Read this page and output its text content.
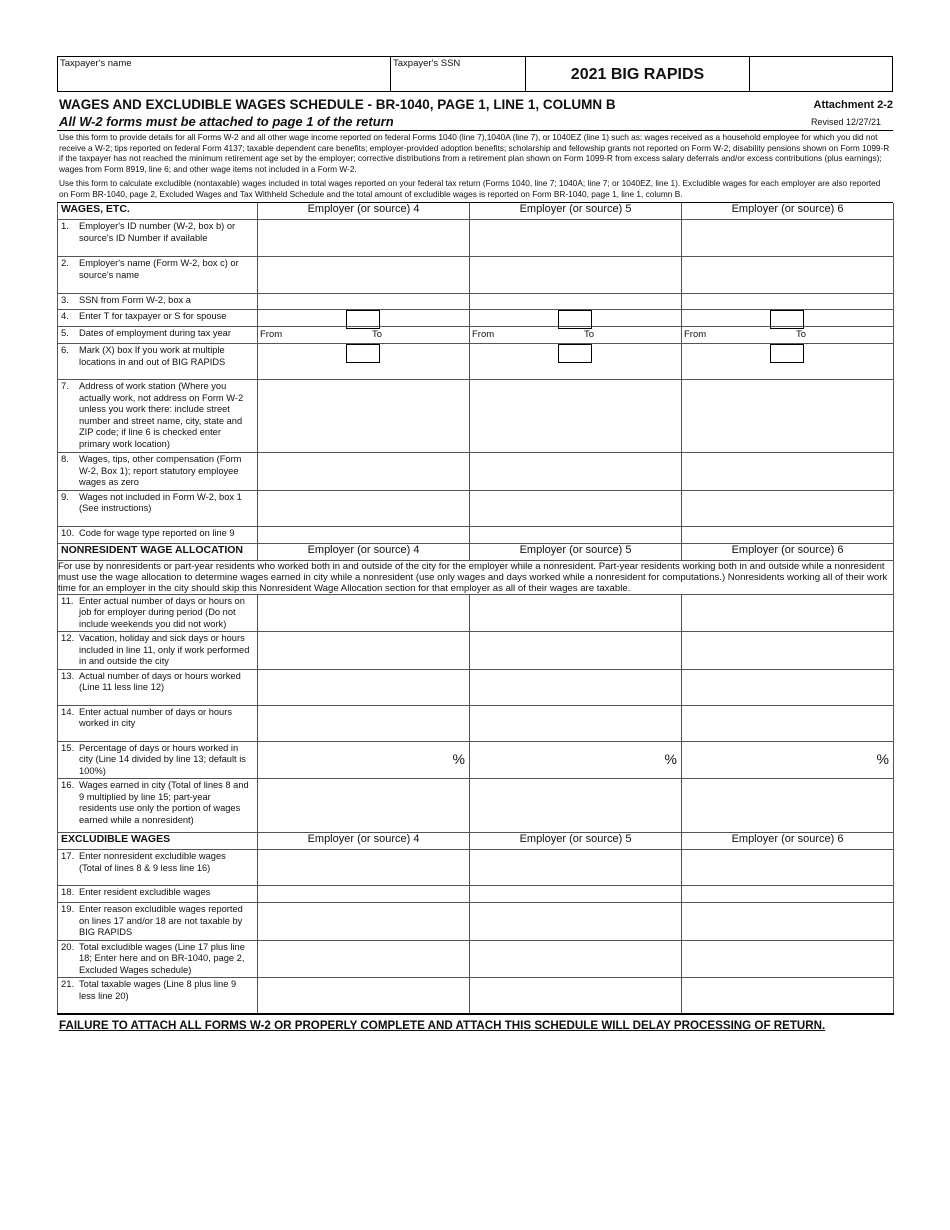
Taxpayer's name	Taxpayer's SSN
2021 BIG RAPIDS
WAGES AND EXCLUDIBLE WAGES SCHEDULE - BR-1040, PAGE 1, LINE 1, COLUMN B	Attachment 2-2
All W-2 forms must be attached to page 1 of the return	Revised 12/27/21

Use this form to provide details for all Forms W-2 and all other wage income reported on federal Forms 1040 (line 7),1040A (line 7), or 1040EZ (line 1) such as: wages received as a household employee for which you did not receive a W-2; tips reported on federal Form 4137; taxable dependent care benefits; employer-provided adoption benefits; scholarship and fellowship grants not reported on Form W-2; disability pensions shown on Form 1099-R if the taxpayer has not reached the minimum retirement age set by the employer; corrective distributions from a retirement plan shown on Form 1099-R from excess salary deferrals and/or excess contributions (plus earnings); wages from Form 8919, line 6; and other wage items not included in a Form W-2.

Use this form to calculate excludible (nontaxable) wages included in total wages reported on your federal tax return (Forms 1040, line 7; 1040A; line 7; or 1040EZ, line 1). Excludible wages for each employer are also reported on Form BR-1040, page 2, Excluded Wages and Tax Withheld Schedule and the total amount of excludible wages is reported on Form BR-1040, page 1, line 1, column B.

WAGES, ETC.	Employer (or source) 4	Employer (or source) 5	Employer (or source) 6
1. Employer's ID number (W-2, box b) or source's ID Number if available			
2. Employer's name (Form W-2, box c) or source's name			
3. SSN from Form W-2, box a			
4. Enter T for taxpayer or S for spouse	

5. Dates of employment during tax year	From To	From To	From To

6. Mark (X) box If you work at multiple locations in and out of BIG RAPIDS	

7. Address of work station (Where you actually work, not address on Form W-2 unless you work there: include street number and street name, city, state and ZIP code; if line 6 is checked enter primary work location)			
8. Wages, tips, other compensation (Form W-2, Box 1); report statutory employee wages as zero			
9. Wages not included in Form W-2, box 1 (See instructions)			
10. Code for wage type reported on line 9			
NONRESIDENT WAGE ALLOCATION	Employer (or source) 4	Employer (or source) 5	Employer (or source) 6
For use by nonresidents or part-year residents who worked both in and outside of the city for the employer while a nonresident. Part-year residents working both in and outside while a nonresident must use the wage allocation to determine wages earned in city while a nonresident (use only wages and days worked while a nonresident for computations.) Nonresidents working all of their work time for an employer in the city should skip this Nonresident Wage Allocation section for that employer as all of their wages are taxable.			
11. Enter actual number of days or hours on job for employer during period (Do not include weekends you did not work)			
12. Vacation, holiday and sick days or hours included in line 11, only if work performed in and outside the city			
13. Actual number of days or hours worked (Line 11 less line 12)			
14. Enter actual number of days or hours worked in city			
15. Percentage of days or hours worked in city (Line 14 divided by line 13; default is 100%)	%	%	%

16. Wages earned in city (Total of lines 8 and 9 multiplied by line 15; part-year residents use only the portion of wages earned while a nonresident)			
EXCLUDIBLE WAGES	Employer (or source) 4	Employer (or source) 5	Employer (or source) 6
17. Enter nonresident excludible wages (Total of lines 8 & 9 less line 16)			
18. Enter resident excludible wages			
19. Enter reason excludible wages reported on lines 17 and/or 18 are not taxable by BIG RAPIDS			
20. Total excludible wages (Line 17 plus line 18; Enter here and on BR-1040, page 2, Excluded Wages schedule)			
21. Total taxable wages (Line 8 plus line 9 less line 20)			
FAILURE TO ATTACH ALL FORMS W-2 OR PROPERLY COMPLETE AND ATTACH THIS SCHEDULE WILL DELAY PROCESSING OF RETURN.
